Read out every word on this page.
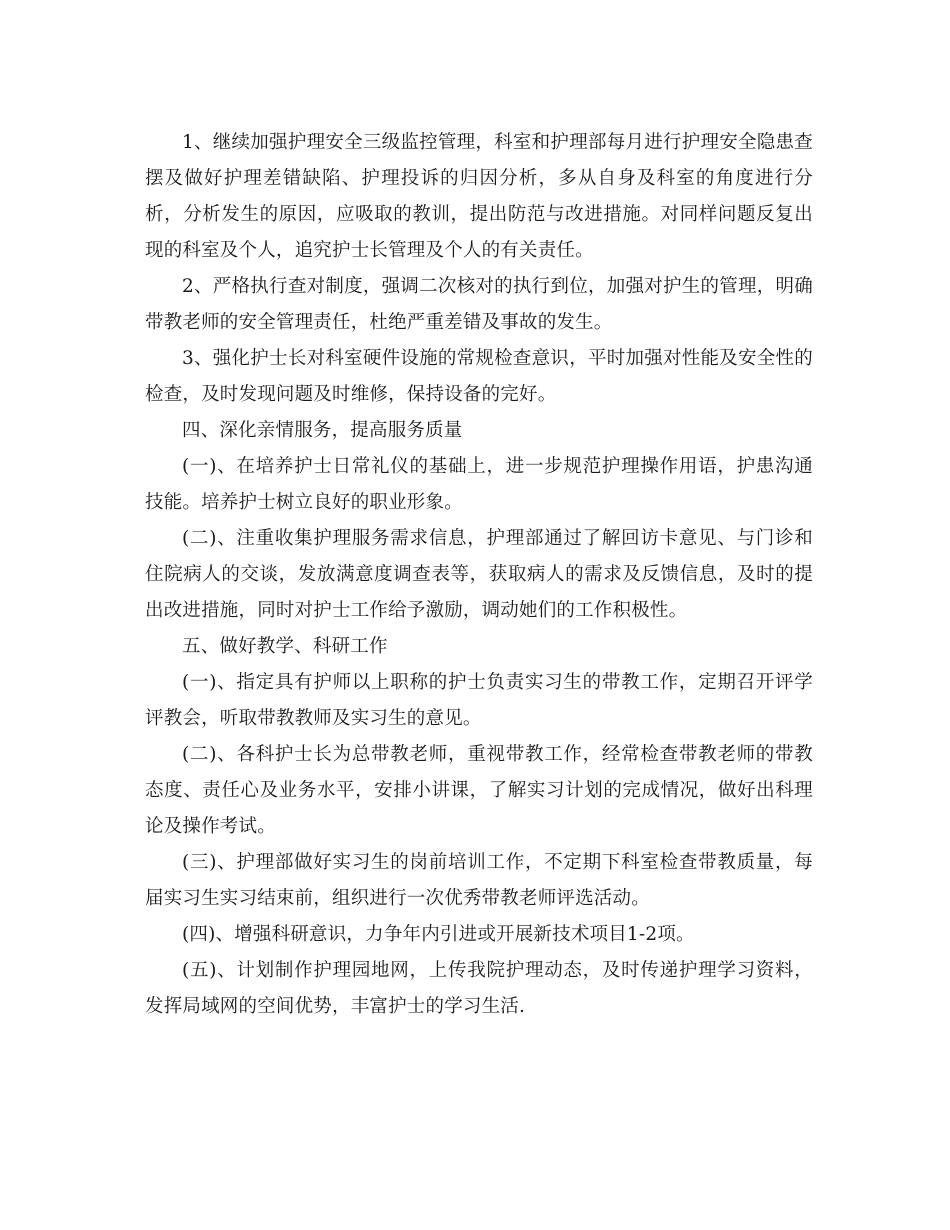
1、继续加强护理安全三级监控管理，科室和护理部每月进行护理安全隐患查摆及做好护理差错缺陷、护理投诉的归因分析，多从自身及科室的角度进行分析，分析发生的原因，应吸取的教训，提出防范与改进措施。对同样问题反复出现的科室及个人，追究护士长管理及个人的有关责任。

2、严格执行查对制度，强调二次核对的执行到位，加强对护生的管理，明确带教老师的安全管理责任，杜绝严重差错及事故的发生。

3、强化护士长对科室硬件设施的常规检查意识，平时加强对性能及安全性的检查，及时发现问题及时维修，保持设备的完好。

四、深化亲情服务，提高服务质量

(一)、在培养护士日常礼仪的基础上，进一步规范护理操作用语，护患沟通技能。培养护士树立良好的职业形象。

(二)、注重收集护理服务需求信息，护理部通过了解回访卡意见、与门诊和住院病人的交谈，发放满意度调查表等，获取病人的需求及反馈信息，及时的提出改进措施，同时对护士工作给予激励，调动她们的工作积极性。

五、做好教学、科研工作

(一)、指定具有护师以上职称的护士负责实习生的带教工作，定期召开评学评教会，听取带教教师及实习生的意见。

(二)、各科护士长为总带教老师，重视带教工作，经常检查带教老师的带教态度、责任心及业务水平，安排小讲课，了解实习计划的完成情况，做好出科理论及操作考试。

(三)、护理部做好实习生的岗前培训工作，不定期下科室检查带教质量，每届实习生实习结束前，组织进行一次优秀带教老师评选活动。

(四)、增强科研意识，力争年内引进或开展新技术项目1-2项。

(五)、计划制作护理园地网，上传我院护理动态，及时传递护理学习资料，发挥局域网的空间优势，丰富护士的学习生活.
